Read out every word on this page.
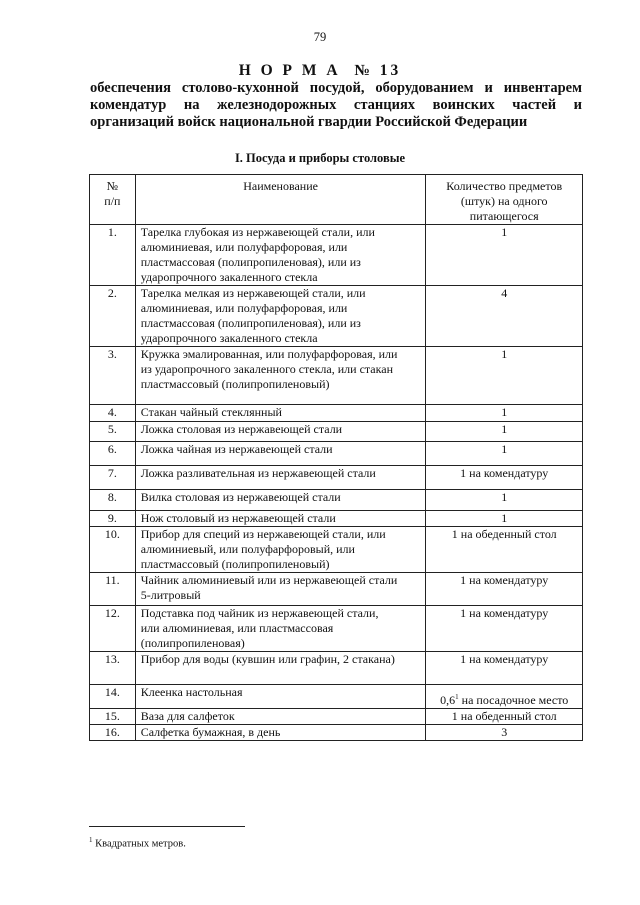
79
Н О Р М А  № 13
обеспечения столово-кухонной посудой, оборудованием и инвентарем
комендатур на железнодорожных станциях воинских частей и
организаций войск национальной гвардии Российской Федерации
I. Посуда и приборы столовые
№
п/п	Наименование	Количество предметов
(штук) на одного
питающегося

1.	Тарелка глубокая из нержавеющей стали, или
алюминиевая, или полуфарфоровая, или
пластмассовая (полипропиленовая), или из
ударопрочного закаленного стекла	1
2.	Тарелка мелкая из нержавеющей стали, или
алюминиевая, или полуфарфоровая, или
пластмассовая (полипропиленовая), или из
ударопрочного закаленного стекла	4
3.	Кружка эмалированная, или полуфарфоровая, или
из ударопрочного закаленного стекла, или стакан
пластмассовый (полипропиленовый)	1
4.	Стакан чайный стеклянный	1
5.	Ложка столовая из нержавеющей стали	1
6.	Ложка чайная из нержавеющей стали	1
7.	Ложка разливательная из нержавеющей стали	1 на комендатуру
8.	Вилка столовая из нержавеющей стали	1
9.	Нож столовый из нержавеющей стали	1
10.	Прибор для специй из нержавеющей стали, или
алюминиевый, или полуфарфоровый, или
пластмассовый (полипропиленовый)	1 на обеденный стол
11.	Чайник алюминиевый или из нержавеющей стали
5-литровый	1 на комендатуру
12.	Подставка под чайник из нержавеющей стали,
или алюминиевая, или пластмассовая
(полипропиленовая)	1 на комендатуру
13.	Прибор для воды (кувшин или графин, 2 стакана)	1 на комендатуру
14.	Клеенка настольная	$0,6^1$ на посадочное место
15.	Ваза для салфеток	1 на обеденный стол
16.	Салфетка бумажная, в день	3
$^1$ Квадратных метров.
